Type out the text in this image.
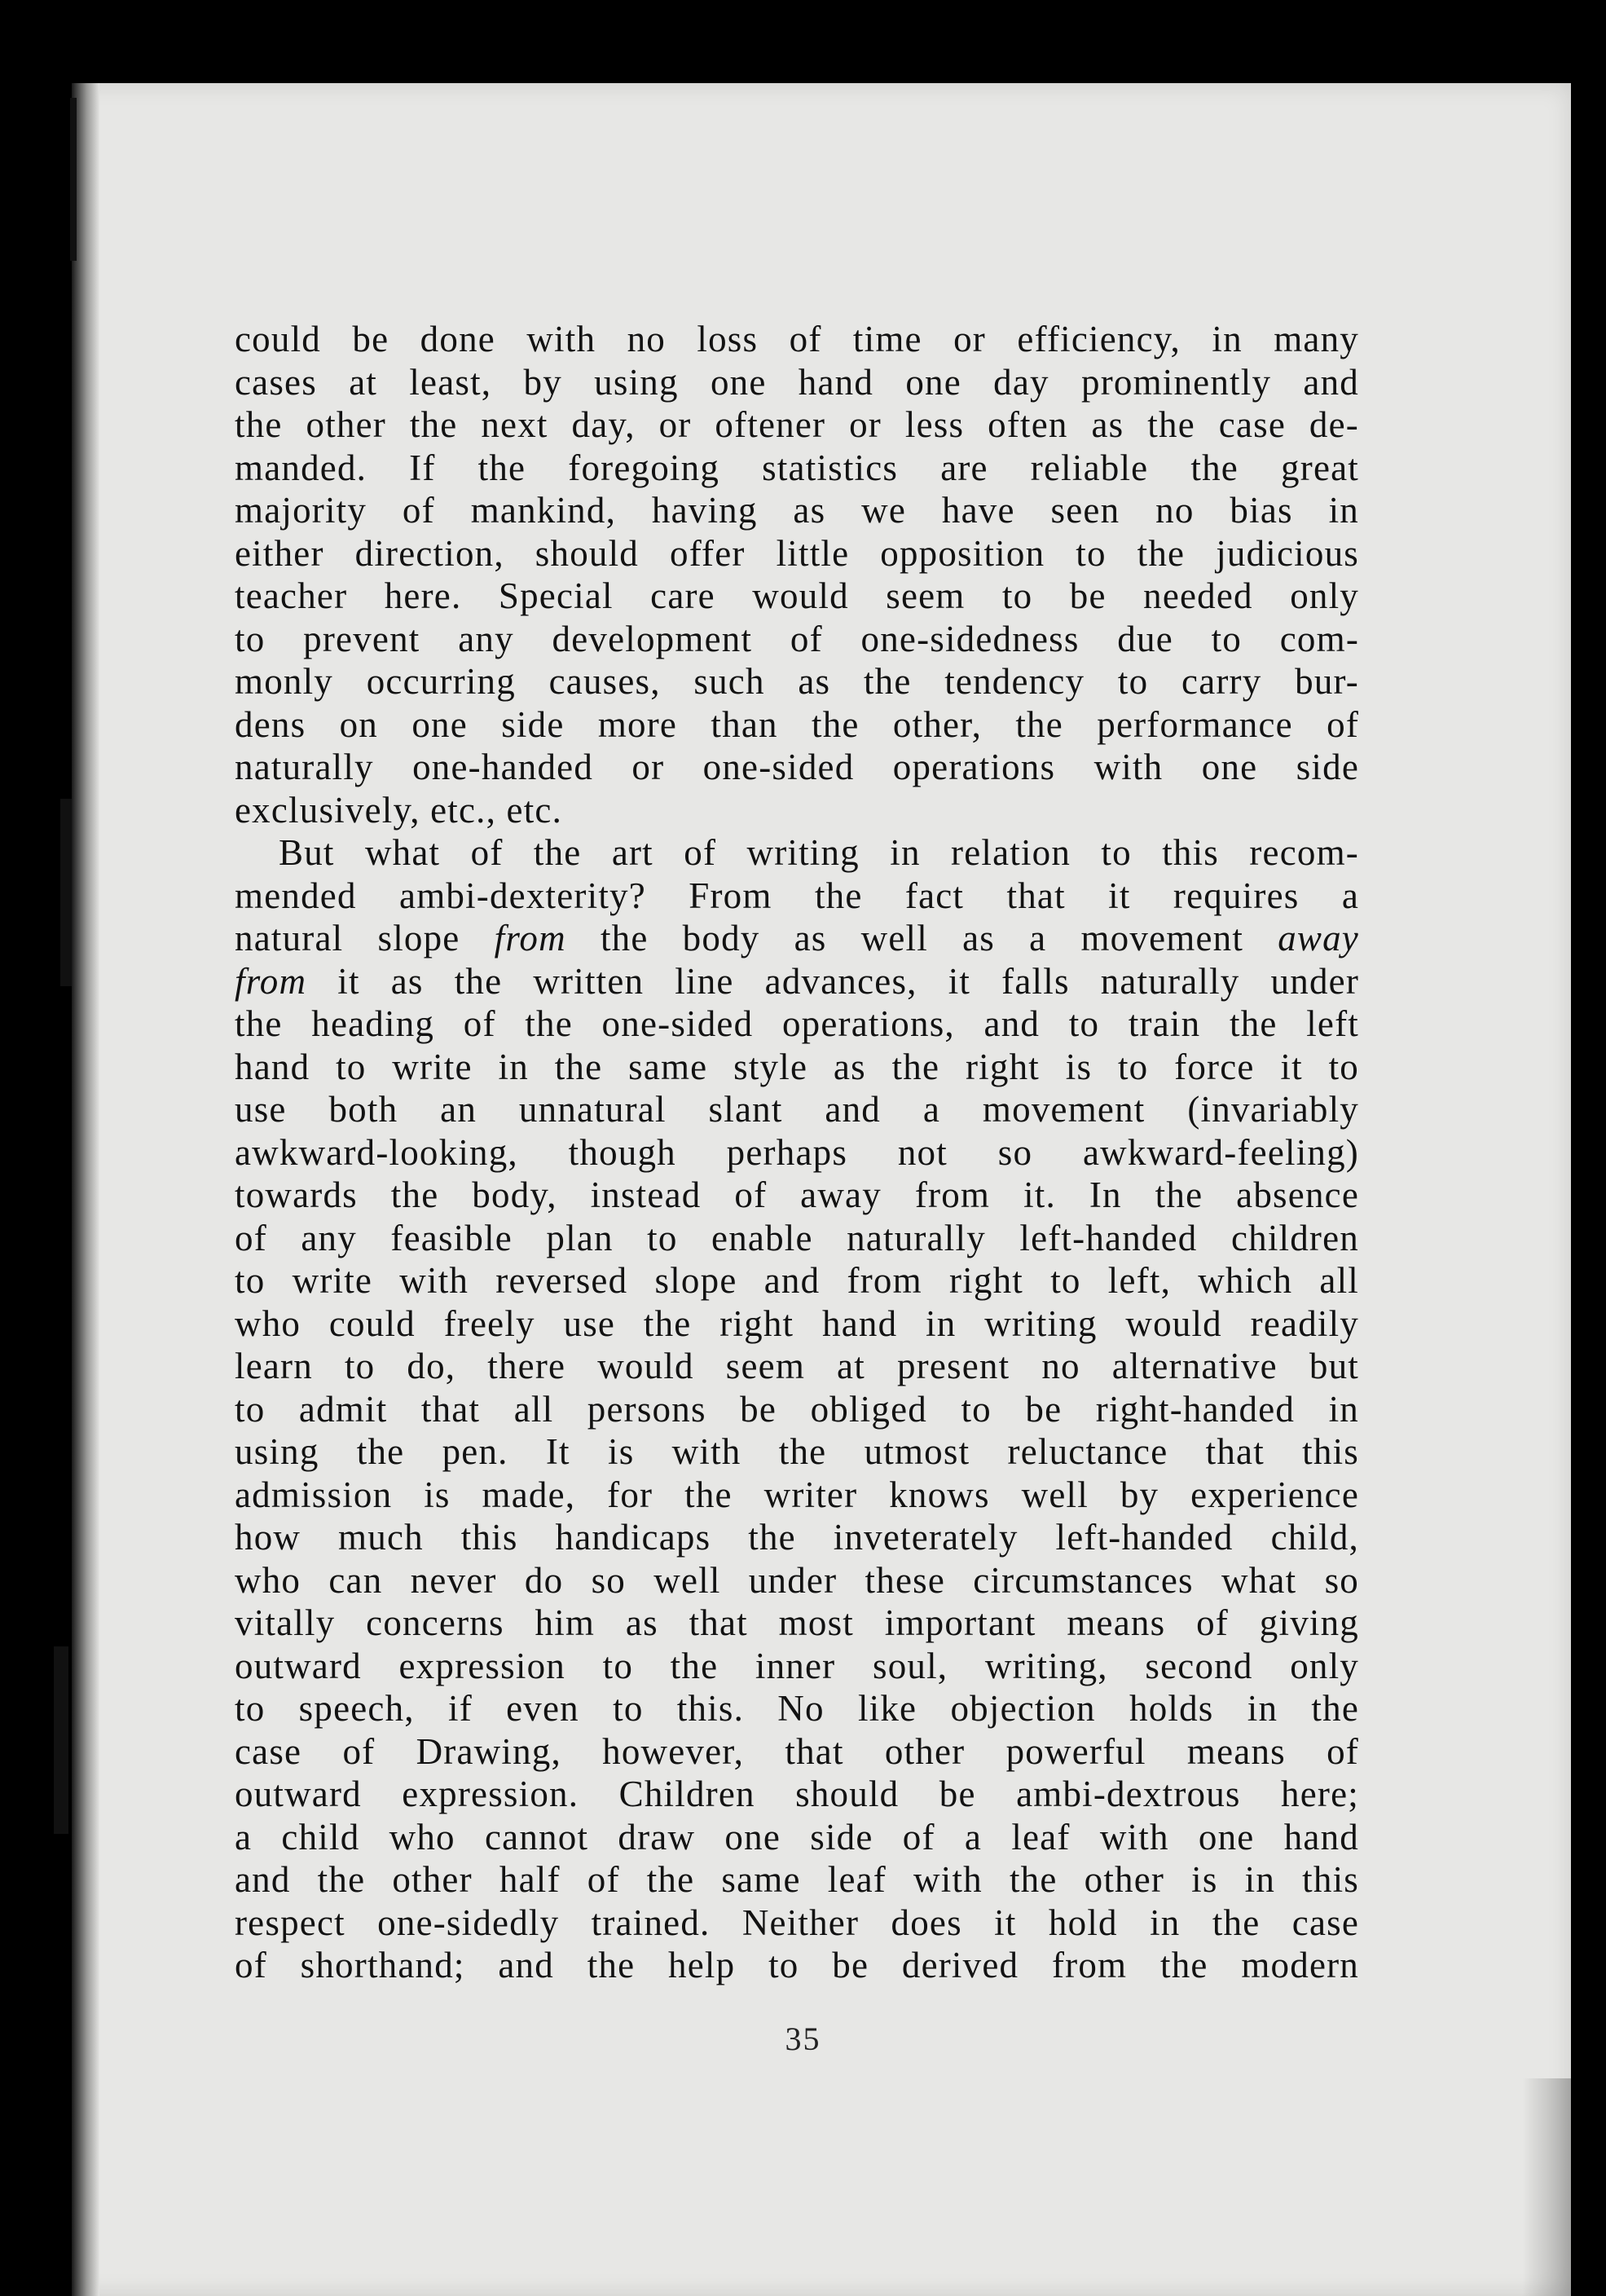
could be done with no loss of time or efficiency, in many
cases at least, by using one hand one day prominently and
the other the next day, or oftener or less often as the case de-
manded. If the foregoing statistics are reliable the great
majority of mankind, having as we have seen no bias in
either direction, should offer little opposition to the judicious
teacher here. Special care would seem to be needed only
to prevent any development of one-sidedness due to com-
monly occurring causes, such as the tendency to carry bur-
dens on one side more than the other, the performance of
naturally one-handed or one-sided operations with one side
exclusively, etc., etc.
But what of the art of writing in relation to this recom-
mended ambi-dexterity? From the fact that it requires a
natural slope from the body as well as a movement away
from it as the written line advances, it falls naturally under
the heading of the one-sided operations, and to train the left
hand to write in the same style as the right is to force it to
use both an unnatural slant and a movement (invariably
awkward-looking, though perhaps not so awkward-feeling)
towards the body, instead of away from it. In the absence
of any feasible plan to enable naturally left-handed children
to write with reversed slope and from right to left, which all
who could freely use the right hand in writing would readily
learn to do, there would seem at present no alternative but
to admit that all persons be obliged to be right-handed in
using the pen. It is with the utmost reluctance that this
admission is made, for the writer knows well by experience
how much this handicaps the inveterately left-handed child,
who can never do so well under these circumstances what so
vitally concerns him as that most important means of giving
outward expression to the inner soul, writing, second only
to speech, if even to this. No like objection holds in the
case of Drawing, however, that other powerful means of
outward expression. Children should be ambi-dextrous here;
a child who cannot draw one side of a leaf with one hand
and the other half of the same leaf with the other is in this
respect one-sidedly trained. Neither does it hold in the case
of shorthand; and the help to be derived from the modern
35
